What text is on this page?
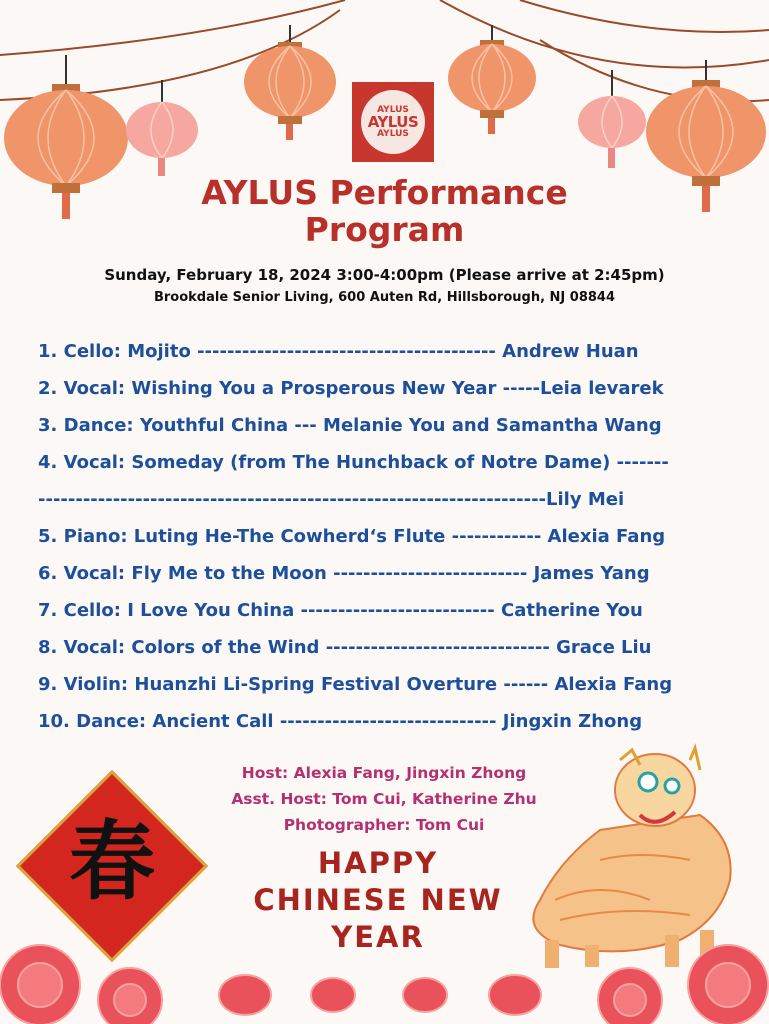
AYLUS
AYLUS
AYLUS
AYLUS Performance
Program
Sunday, February 18, 2024 3:00-4:00pm (Please arrive at 2:45pm)
Brookdale Senior Living, 600 Auten Rd, Hillsborough, NJ 08844
1. Cello: Mojito ---------------------------------------- Andrew Huan
2. Vocal: Wishing You a Prosperous New Year -----Leia levarek
3. Dance: Youthful China --- Melanie You and Samantha Wang
4. Vocal: Someday (from The Hunchback of Notre Dame) -------
--------------------------------------------------------------------Lily Mei
5. Piano: Luting He-The Cowherd‘s Flute ------------ Alexia Fang
6. Vocal: Fly Me to the Moon -------------------------- James Yang
7. Cello: I Love You China -------------------------- Catherine You
8. Vocal: Colors of the Wind ------------------------------ Grace Liu
9. Violin: Huanzhi Li-Spring Festival Overture ------ Alexia Fang
10. Dance: Ancient Call ----------------------------- Jingxin Zhong
春
Host: Alexia Fang, Jingxin Zhong
Asst. Host: Tom Cui, Katherine Zhu
Photographer: Tom Cui
HAPPY
CHINESE NEW
YEAR
